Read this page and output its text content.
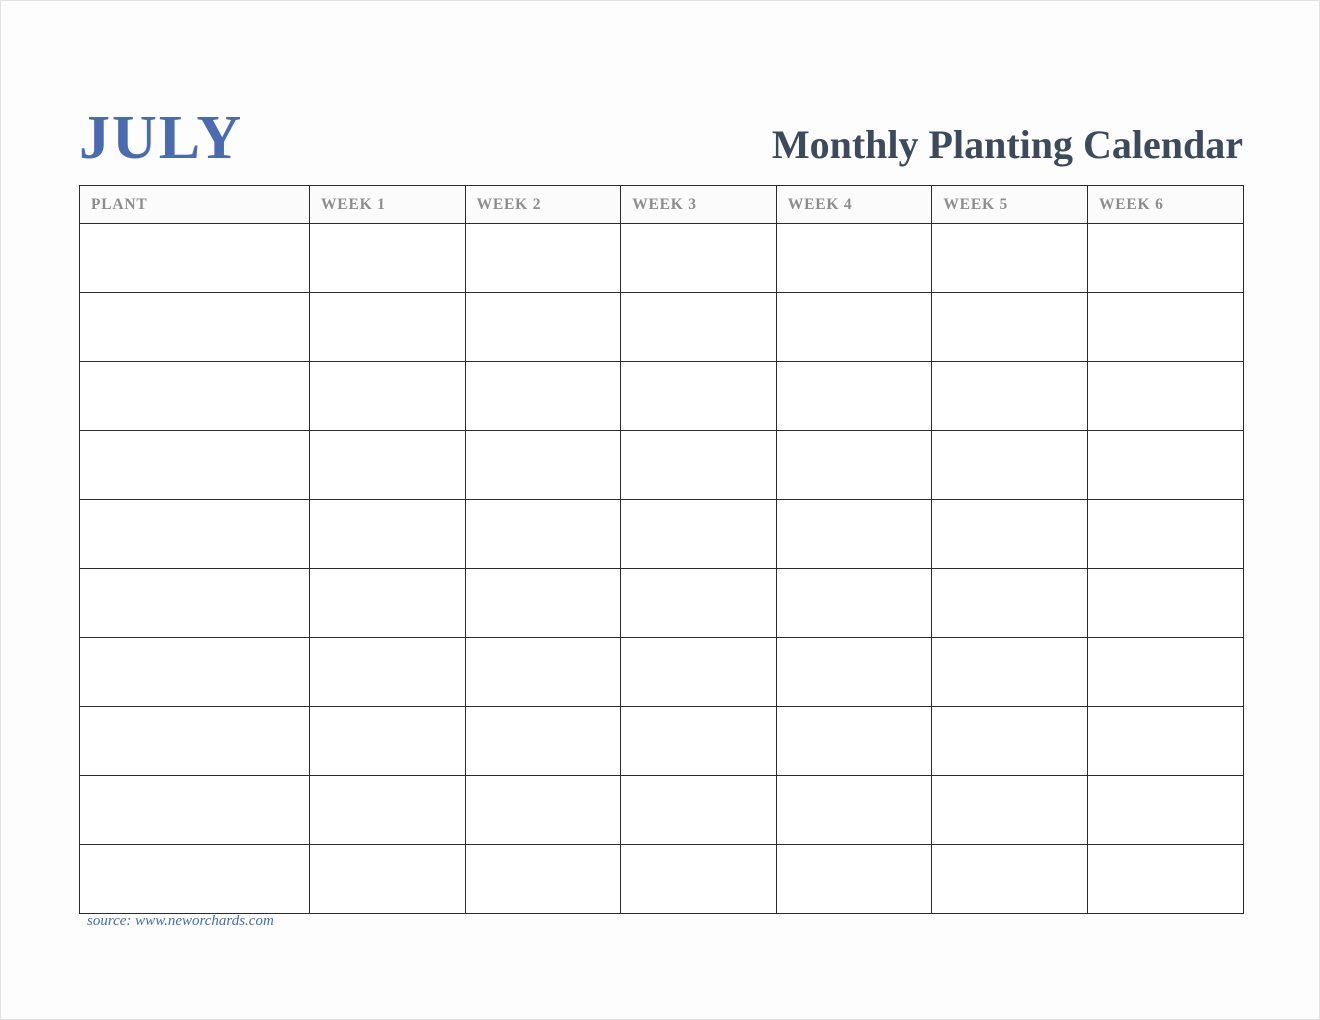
JULY	Monthly Planting Calendar
PLANT	WEEK 1	WEEK 2	WEEK 3	WEEK 4	WEEK 5	WEEK 6

source: www.neworchards.com
